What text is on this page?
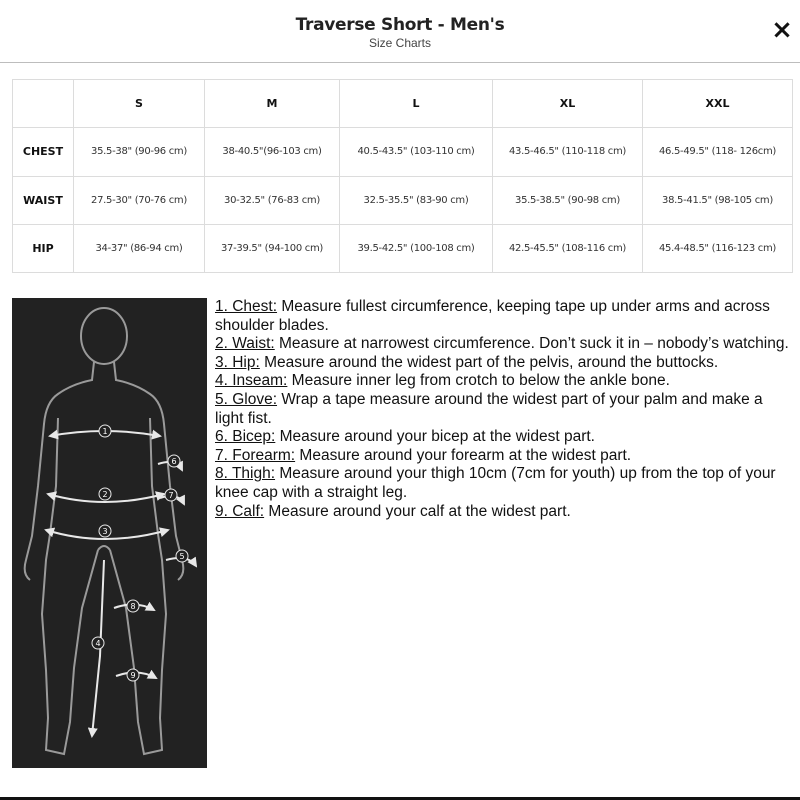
Traverse Short - Men's
Size Charts	×
	S	M	L	XL	XXL
CHEST	35.5-38" (90-96 cm)	38-40.5"(96-103 cm)	40.5-43.5" (103-110 cm)	43.5-46.5" (110-118 cm)	46.5-49.5" (118- 126cm)
WAIST	27.5-30" (70-76 cm)	30-32.5" (76-83 cm)	32.5-35.5" (83-90 cm)	35.5-38.5" (90-98 cm)	38.5-41.5" (98-105 cm)
HIP	34-37" (86-94 cm)	37-39.5" (94-100 cm)	39.5-42.5" (100-108 cm)	42.5-45.5" (108-116 cm)	45.4-48.5" (116-123 cm)
1
2
3
4
5
6
7
8
9

1. Chest: Measure fullest circumference, keeping tape up under arms and across shoulder blades.

2. Waist: Measure at narrowest circumference. Don’t suck it in – nobody’s watching.

3. Hip: Measure around the widest part of the pelvis, around the buttocks.

4. Inseam: Measure inner leg from crotch to below the ankle bone.

5. Glove: Wrap a tape measure around the widest part of your palm and make a light fist.

6. Bicep: Measure around your bicep at the widest part.

7. Forearm: Measure around your forearm at the widest part.

8. Thigh: Measure around your thigh 10cm (7cm for youth) up from the top of your knee cap with a straight leg.

9. Calf: Measure around your calf at the widest part.
